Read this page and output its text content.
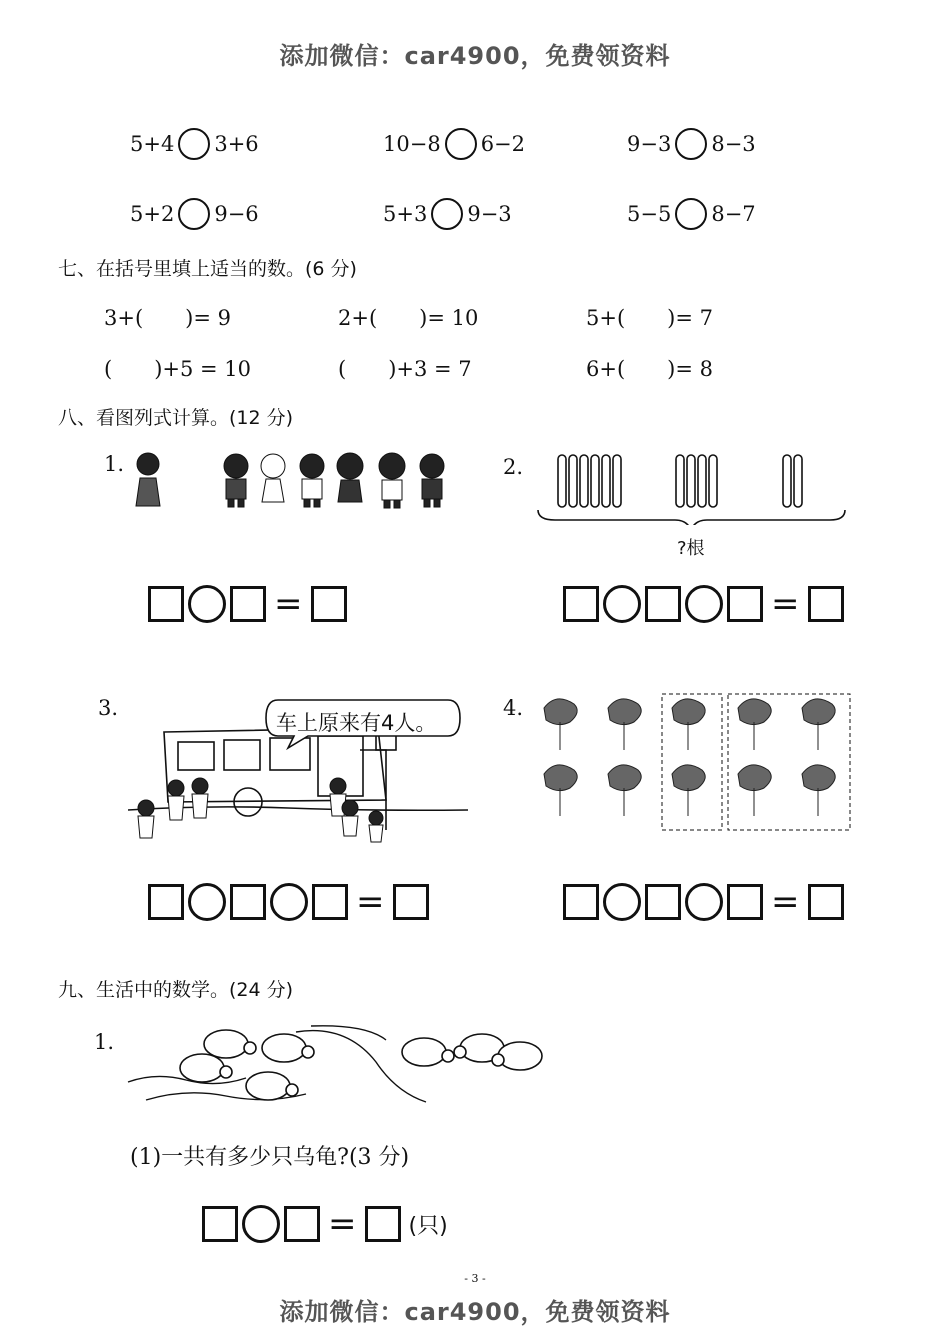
添加微信：car4900，免费领资料
5+4 3+6	10−8 6−2	9−3 8−3
5+2 9−6	5+3 9−3	5−5 8−7
七、在括号里填上适当的数。(6 分)
3+(　　)= 9	2+(　　)= 10	5+(　　)= 7
(　　)+5 = 10	(　　)+3 = 7	6+(　　)= 8
八、看图列式计算。(12 分)
1.	2.
?根
=	=
3.
车上原来有4人。
4.
=	=
九、生活中的数学。(24 分)
1.
(1)一共有多少只乌龟?(3 分)
= (只)
- 3 -
添加微信：car4900，免费领资料
